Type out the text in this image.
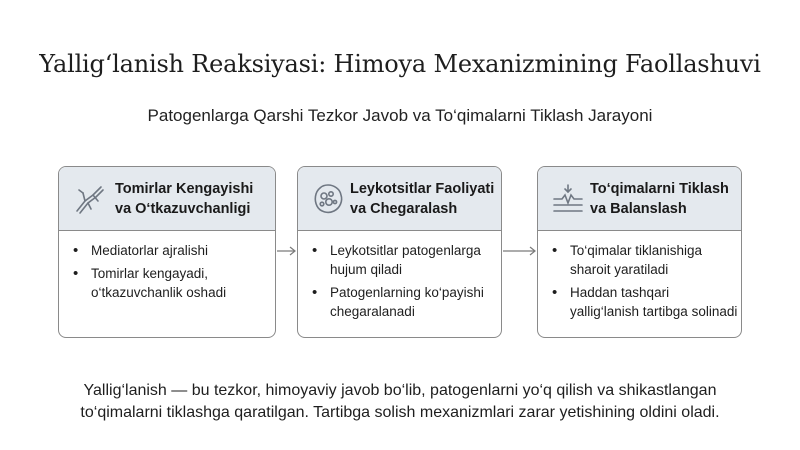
Yallig‘lanish Reaksiyasi: Himoya Mexanizmining Faollashuvi
Patogenlarga Qarshi Tezkor Javob va To‘qimalarni Tiklash Jarayoni
Tomirlar Kengayishi
va O‘tkazuvchanligi
• Mediatorlar ajralishi
• Tomirlar kengayadi,
o‘tkazuvchanlik oshadi
Leykotsitlar Faoliyati
va Chegaralash
• Leykotsitlar patogenlarga
hujum qiladi
• Patogenlarning ko‘payishi
chegaralanadi
To‘qimalarni Tiklash
va Balanslash
• To‘qimalar tiklanishiga
sharoit yaratiladi
• Haddan tashqari
yallig‘lanish tartibga solinadi
Yallig‘lanish — bu tezkor, himoyaviy javob bo‘lib, patogenlarni yo‘q qilish va shikastlangan
to‘qimalarni tiklashga qaratilgan. Tartibga solish mexanizmlari zarar yetishining oldini oladi.
